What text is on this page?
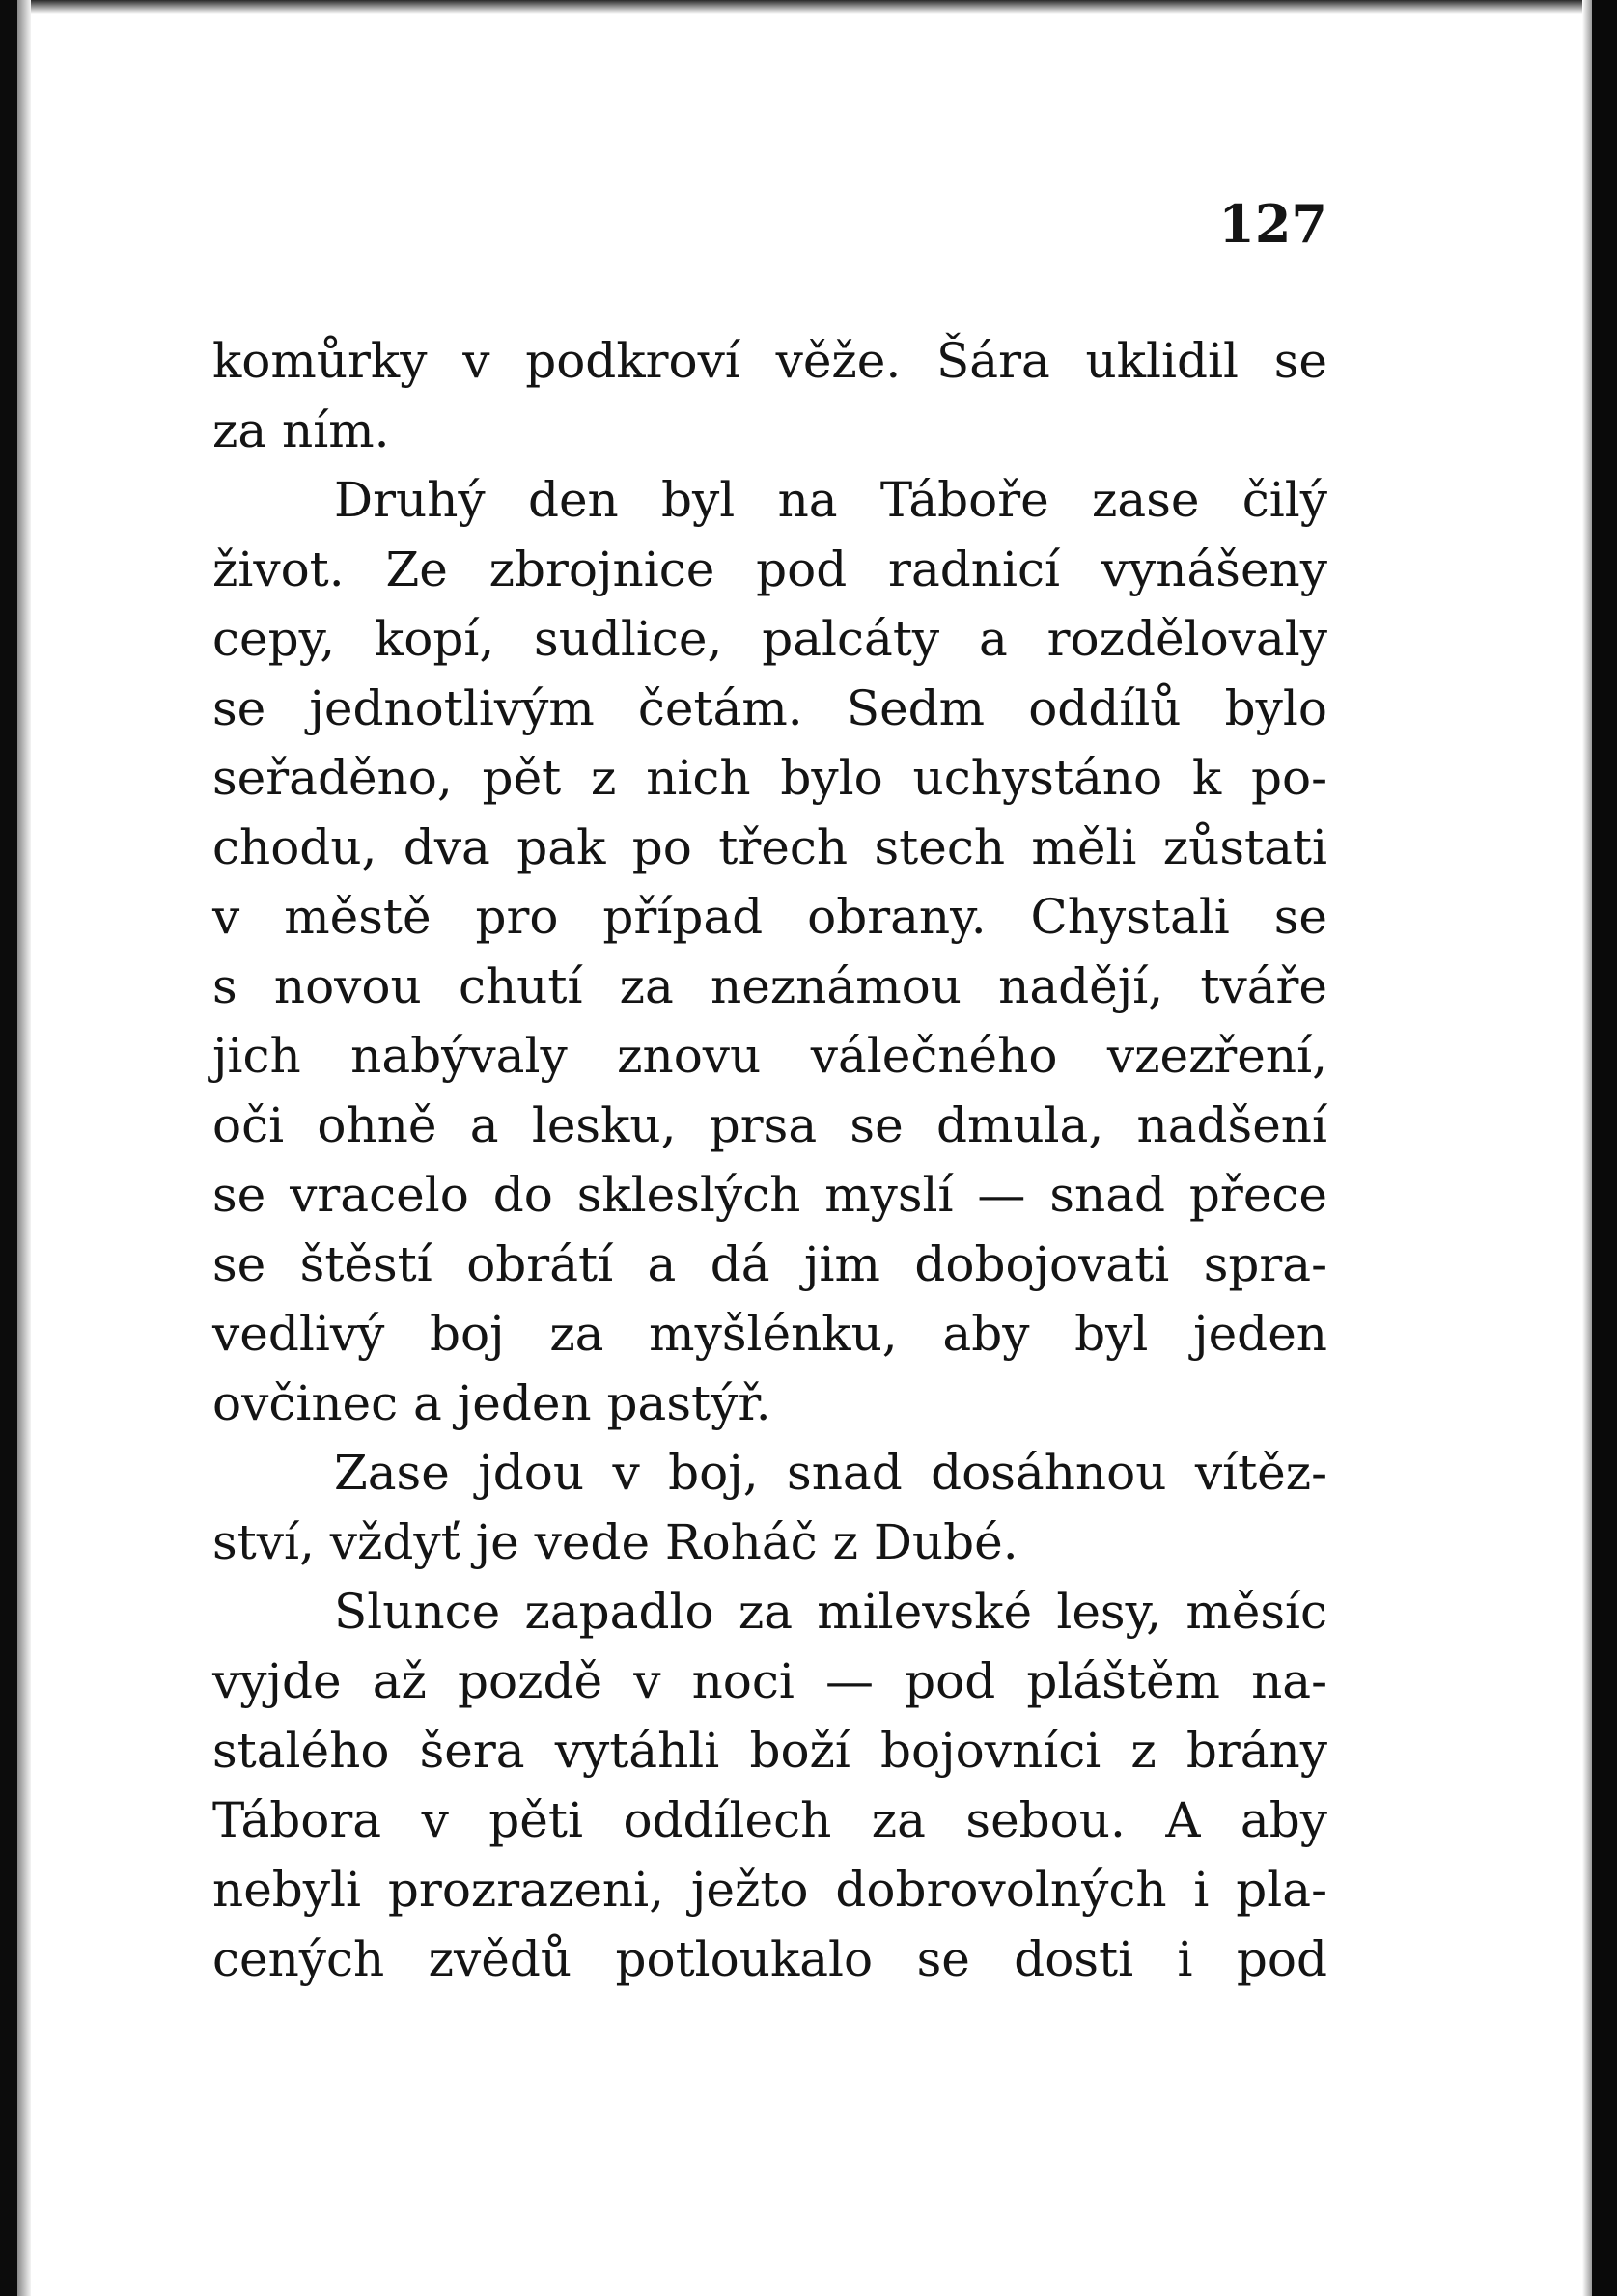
127

komůrky v podkroví věže. Šára uklidil se
za ním.

Druhý den byl na Táboře zase čilý
život. Ze zbrojnice pod radnicí vynášeny
cepy, kopí, sudlice, palcáty a rozdělovaly
se jednotlivým četám. Sedm oddílů bylo
seřaděno, pět z nich bylo uchystáno k po-
chodu, dva pak po třech stech měli zůstati
v městě pro případ obrany. Chystali se
s novou chutí za neznámou nadějí, tváře
jich nabývaly znovu válečného vzezření,
oči ohně a lesku, prsa se dmula, nadšení
se vracelo do skleslých myslí — snad přece
se štěstí obrátí a dá jim dobojovati spra-
vedlivý boj za myšlénku, aby byl jeden
ovčinec a jeden pastýř.

Zase jdou v boj, snad dosáhnou vítěz-
ství, vždyť je vede Roháč z Dubé.

Slunce zapadlo za milevské lesy, měsíc
vyjde až pozdě v noci — pod pláštěm na-
stalého šera vytáhli boží bojovníci z brány
Tábora v pěti oddílech za sebou. A aby
nebyli prozrazeni, ježto dobrovolných i pla-
cených zvědů potloukalo se dosti i pod
